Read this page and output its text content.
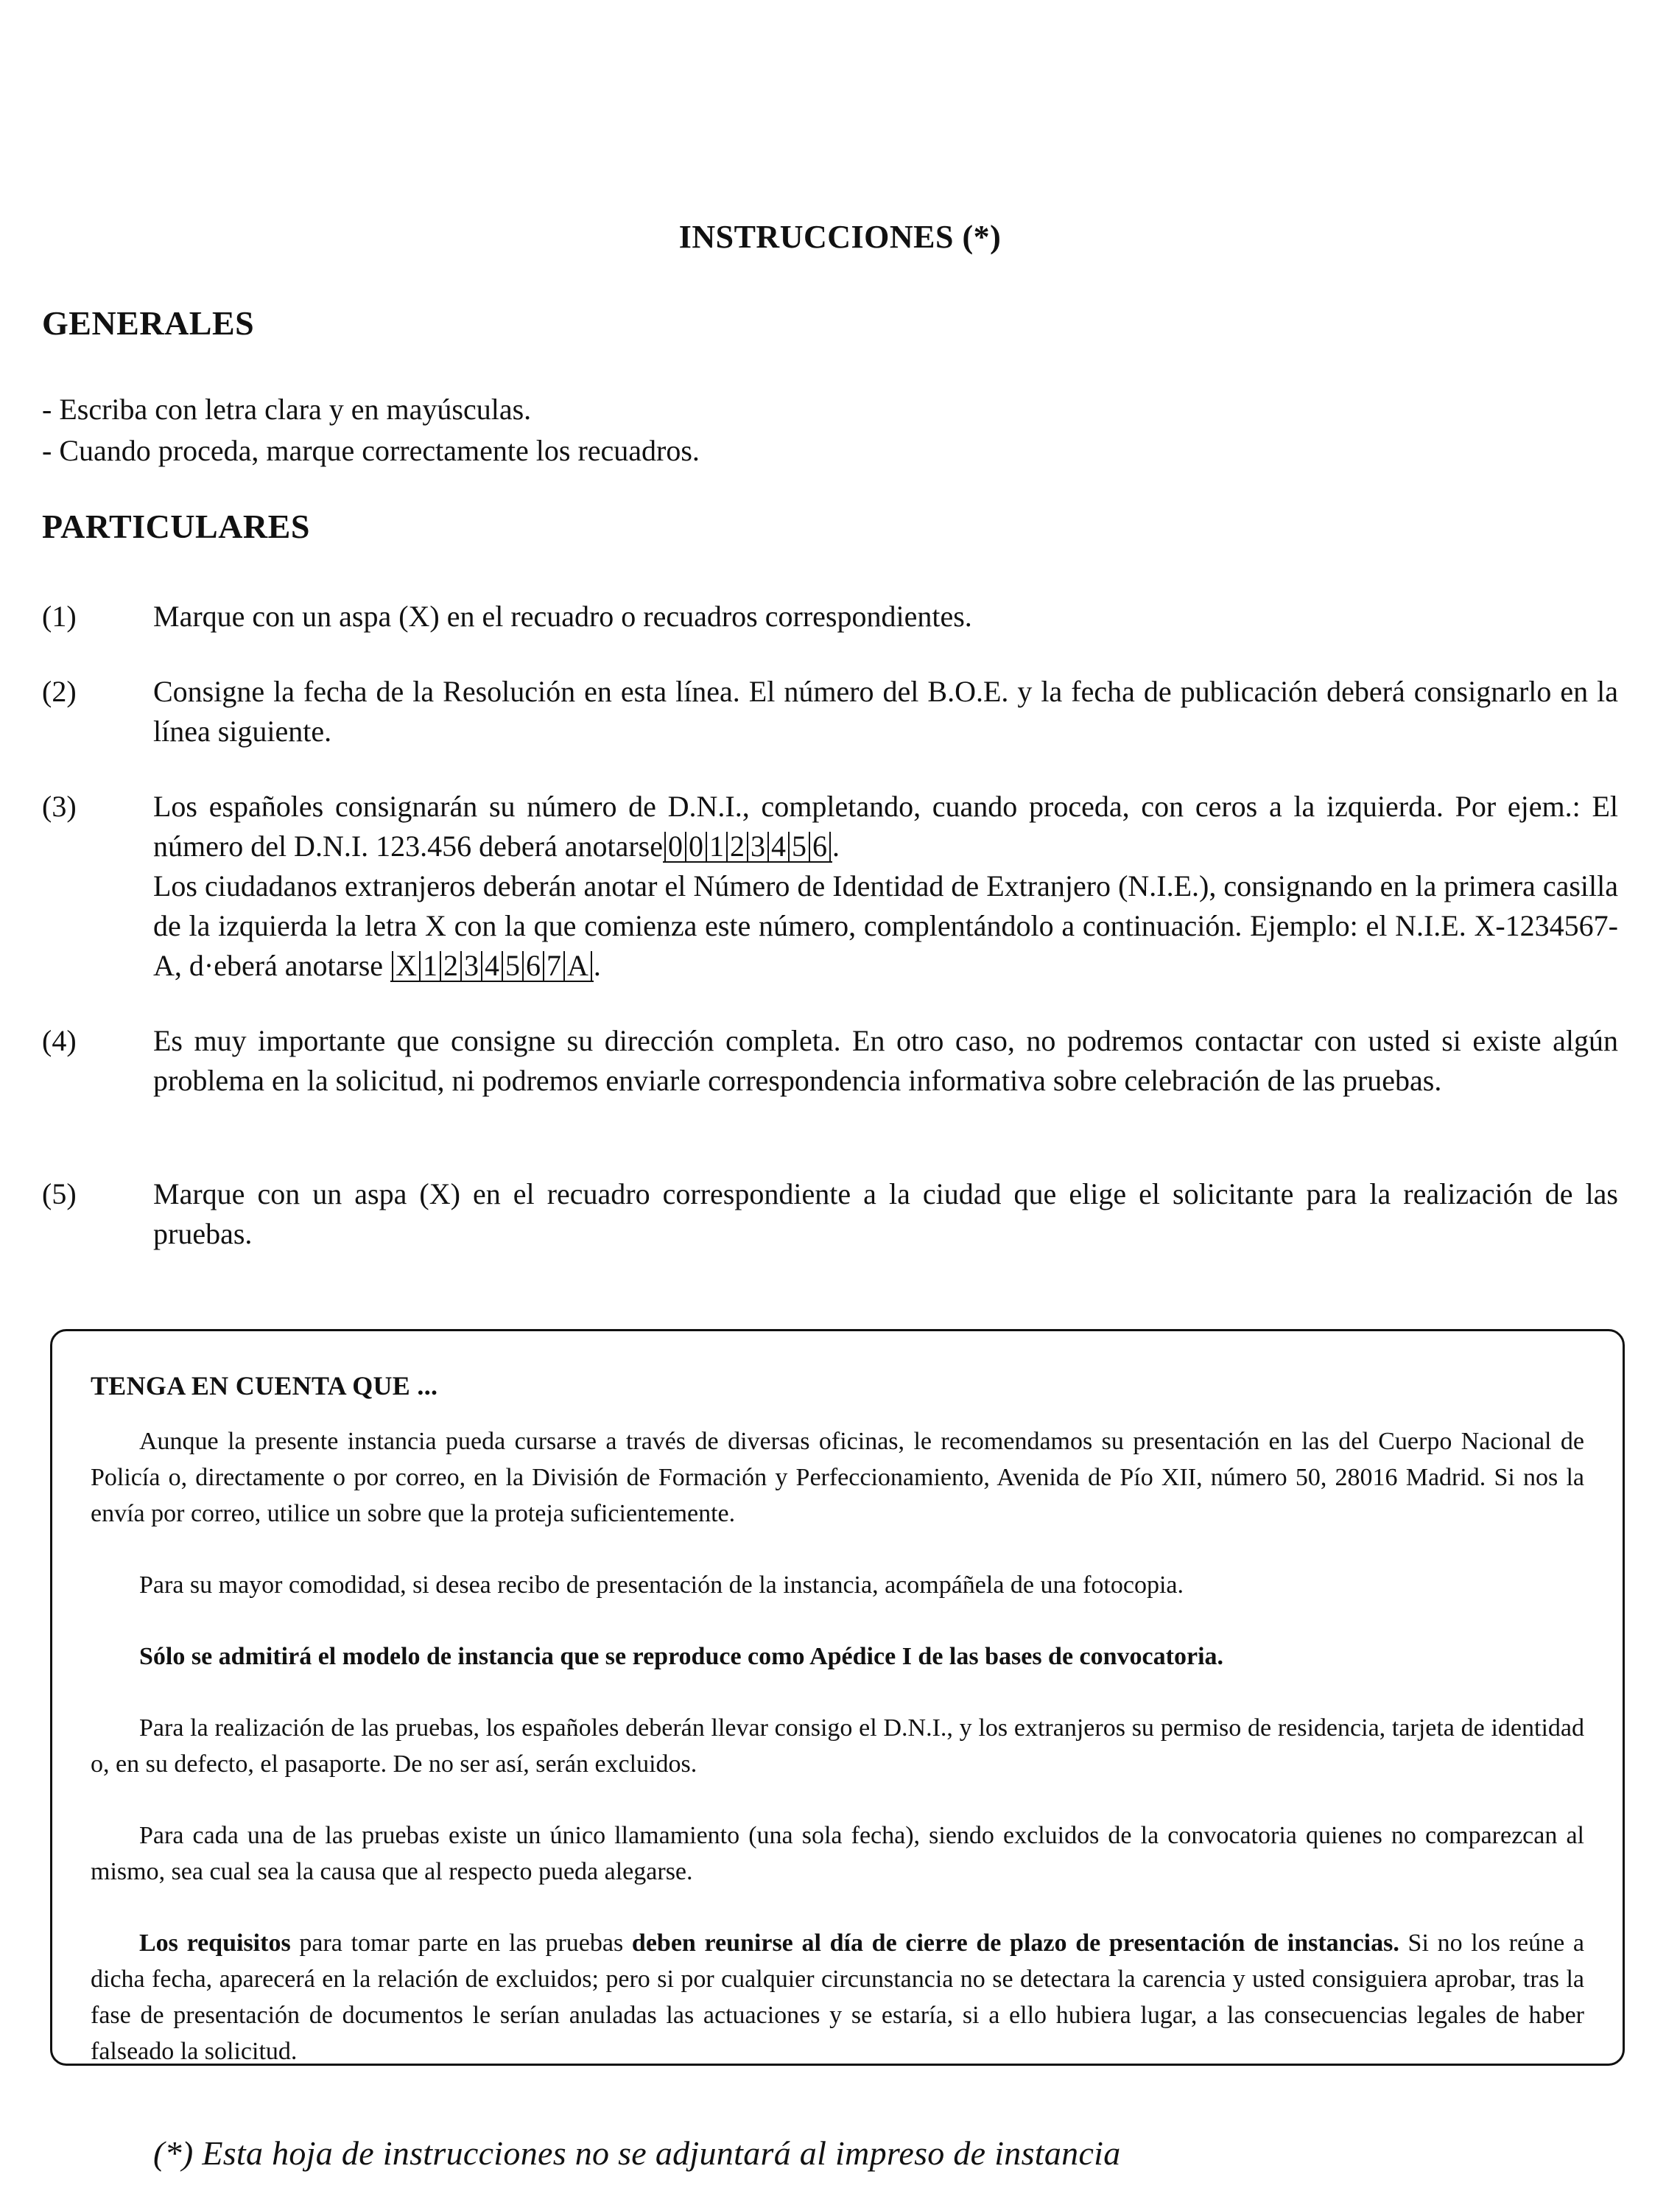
INSTRUCCIONES (*)
GENERALES
- Escriba con letra clara y en mayúsculas.
- Cuando proceda, marque correctamente los recuadros.
PARTICULARES
(1)	Marque con un aspa (X) en el recuadro o recuadros correspondientes.
(2)	Consigne la fecha de la Resolución en esta línea. El número del B.O.E. y la fecha de publicación deberá consignarlo en la línea siguiente.
(3)	Los españoles consignarán su número de D.N.I., completando, cuando proceda, con ceros a la izquierda. Por ejem.: El número del D.N.I. 123.456 deberá anotarse 0 0 1 2 3 4 5 6 .

Los ciudadanos extranjeros deberán anotar el Número de Identidad de Extranjero (N.I.E.), consignando en la primera casilla de la izquierda la letra X con la que comienza este número, complentándolo a continuación. Ejemplo: el N.I.E. X-1234567-A, d·eberá anotarse X 1 2 3 4 5 6 7 A .

(4)	Es muy importante que consigne su dirección completa. En otro caso, no podremos contactar con usted si existe algún problema en la solicitud, ni podremos enviarle correspondencia informativa sobre celebración de las pruebas.
(5)	Marque con un aspa (X) en el recuadro correspondiente a la ciudad que elige el solicitante para la realización de las pruebas.
TENGA EN CUENTA QUE ...

Aunque la presente instancia pueda cursarse a través de diversas oficinas, le recomendamos su presentación en las del Cuerpo Nacional de Policía o, directamente o por correo, en la División de Formación y Perfeccionamiento, Avenida de Pío XII, número 50, 28016 Madrid. Si nos la envía por correo, utilice un sobre que la proteja suficientemente.

Para su mayor comodidad, si desea recibo de presentación de la instancia, acompáñela de una fotocopia.

Sólo se admitirá el modelo de instancia que se reproduce como Apédice I de las bases de convocatoria.

Para la realización de las pruebas, los españoles deberán llevar consigo el D.N.I., y los extranjeros su permiso de residencia, tarjeta de identidad o, en su defecto, el pasaporte. De no ser así, serán excluidos.

Para cada una de las pruebas existe un único llamamiento (una sola fecha), siendo excluidos de la convocatoria quienes no comparezcan al mismo, sea cual sea la causa que al respecto pueda alegarse.

Los requisitos para tomar parte en las pruebas deben reunirse al día de cierre de plazo de presentación de instancias. Si no los reúne a dicha fecha, aparecerá en la relación de excluidos; pero si por cualquier circunstancia no se detectara la carencia y usted consiguiera aprobar, tras la fase de presentación de documentos le serían anuladas las actuaciones y se estaría, si a ello hubiera lugar, a las consecuencias legales de haber falseado la solicitud.

(*) Esta hoja de instrucciones no se adjuntará al impreso de instancia
